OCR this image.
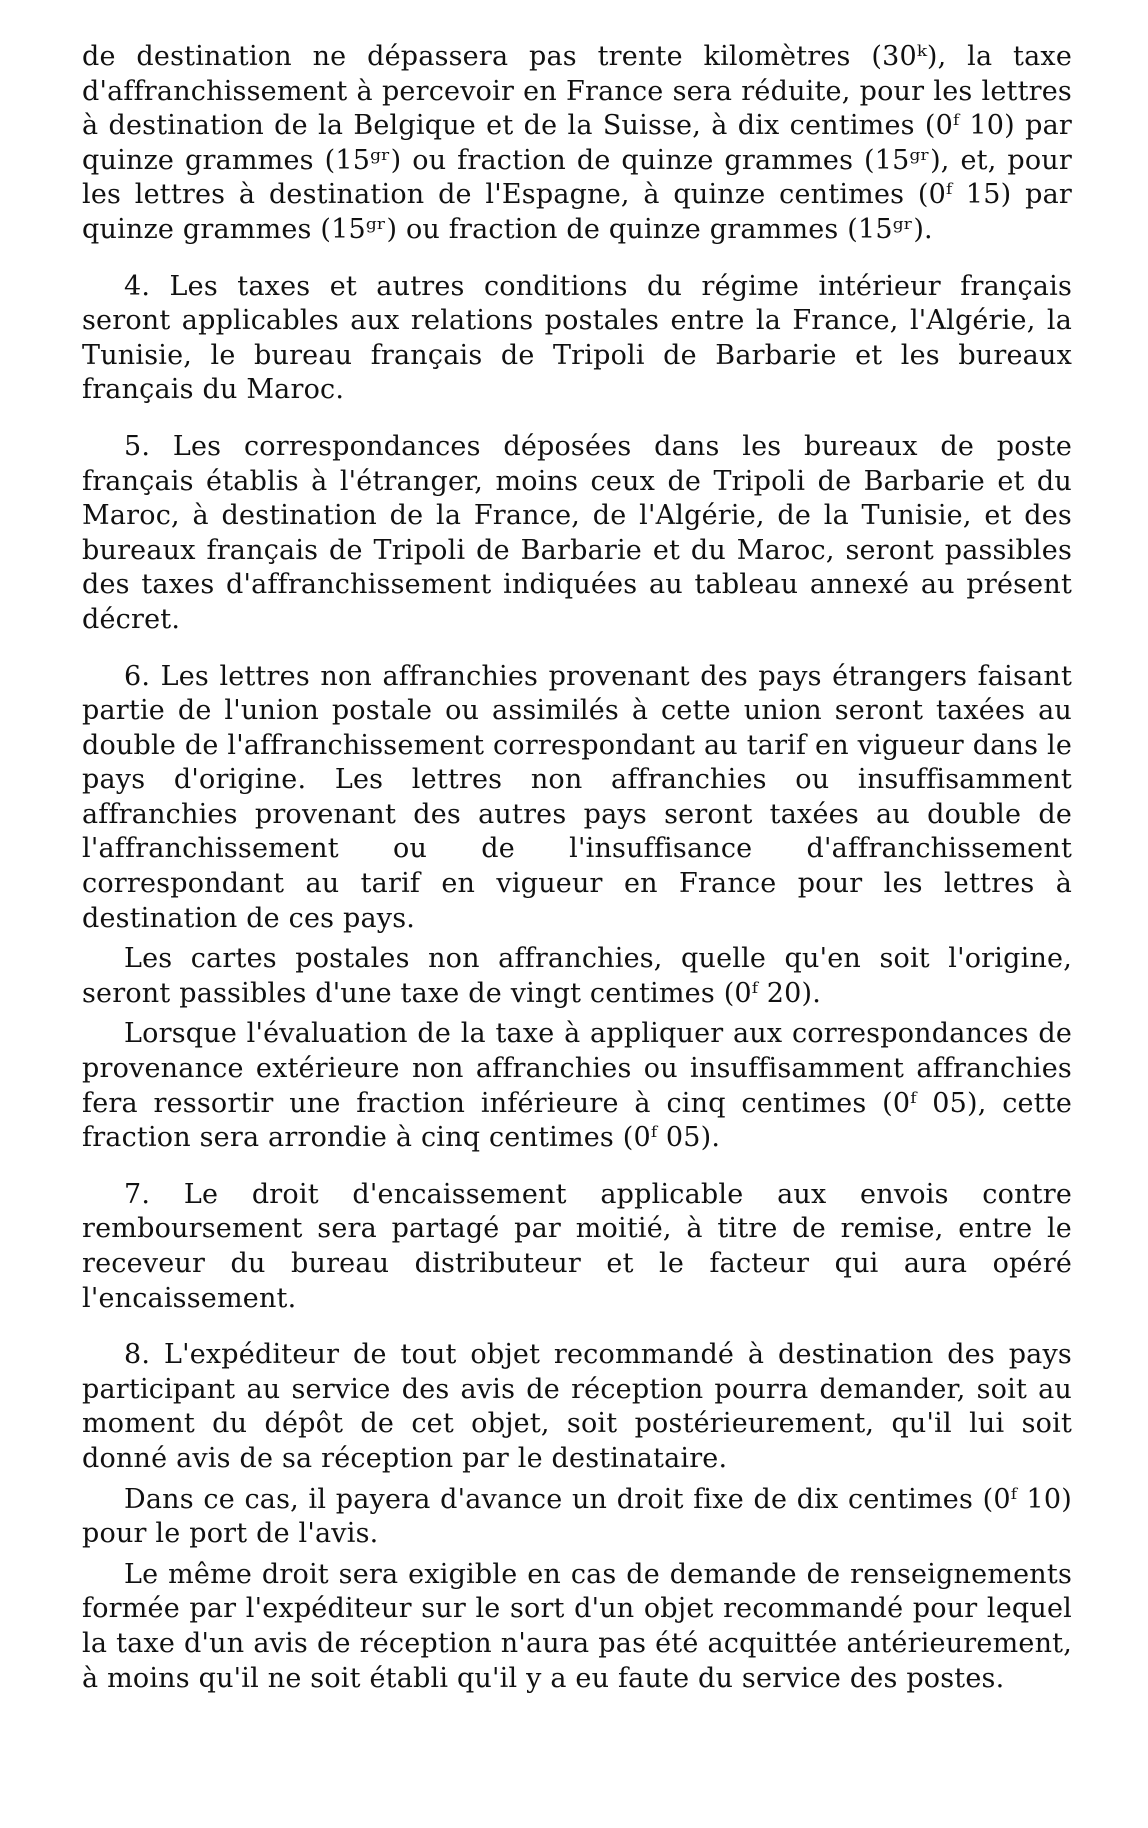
de destination ne dépassera pas trente kilomètres (30ᵏ), la taxe d'affranchissement à percevoir en France sera réduite, pour les lettres à destination de la Belgique et de la Suisse, à dix centimes (0ᶠ 10) par quinze grammes (15ᵍʳ) ou fraction de quinze grammes (15ᵍʳ), et, pour les lettres à destination de l'Espagne, à quinze centimes (0ᶠ 15) par quinze grammes (15ᵍʳ) ou fraction de quinze grammes (15ᵍʳ).

4. Les taxes et autres conditions du régime intérieur français seront applicables aux relations postales entre la France, l'Algérie, la Tunisie, le bureau français de Tripoli de Barbarie et les bureaux français du Maroc.

5. Les correspondances déposées dans les bureaux de poste français établis à l'étranger, moins ceux de Tripoli de Barbarie et du Maroc, à destination de la France, de l'Algérie, de la Tunisie, et des bureaux français de Tripoli de Barbarie et du Maroc, seront passibles des taxes d'affranchissement indiquées au tableau annexé au présent décret.

6. Les lettres non affranchies provenant des pays étrangers faisant partie de l'union postale ou assimilés à cette union seront taxées au double de l'affranchissement correspondant au tarif en vigueur dans le pays d'origine. Les lettres non affranchies ou insuffisamment affranchies provenant des autres pays seront taxées au double de l'affranchissement ou de l'insuffisance d'affranchissement correspondant au tarif en vigueur en France pour les lettres à destination de ces pays.

Les cartes postales non affranchies, quelle qu'en soit l'origine, seront passibles d'une taxe de vingt centimes (0ᶠ 20).

Lorsque l'évaluation de la taxe à appliquer aux correspondances de provenance extérieure non affranchies ou insuffisamment affranchies fera ressortir une fraction inférieure à cinq centimes (0ᶠ 05), cette fraction sera arrondie à cinq centimes (0ᶠ 05).

7. Le droit d'encaissement applicable aux envois contre remboursement sera partagé par moitié, à titre de remise, entre le receveur du bureau distributeur et le facteur qui aura opéré l'encaissement.

8. L'expéditeur de tout objet recommandé à destination des pays participant au service des avis de réception pourra demander, soit au moment du dépôt de cet objet, soit postérieurement, qu'il lui soit donné avis de sa réception par le destinataire.

Dans ce cas, il payera d'avance un droit fixe de dix centimes (0ᶠ 10) pour le port de l'avis.

Le même droit sera exigible en cas de demande de renseignements formée par l'expéditeur sur le sort d'un objet recommandé pour lequel la taxe d'un avis de réception n'aura pas été acquittée antérieurement, à moins qu'il ne soit établi qu'il y a eu faute du service des postes.
